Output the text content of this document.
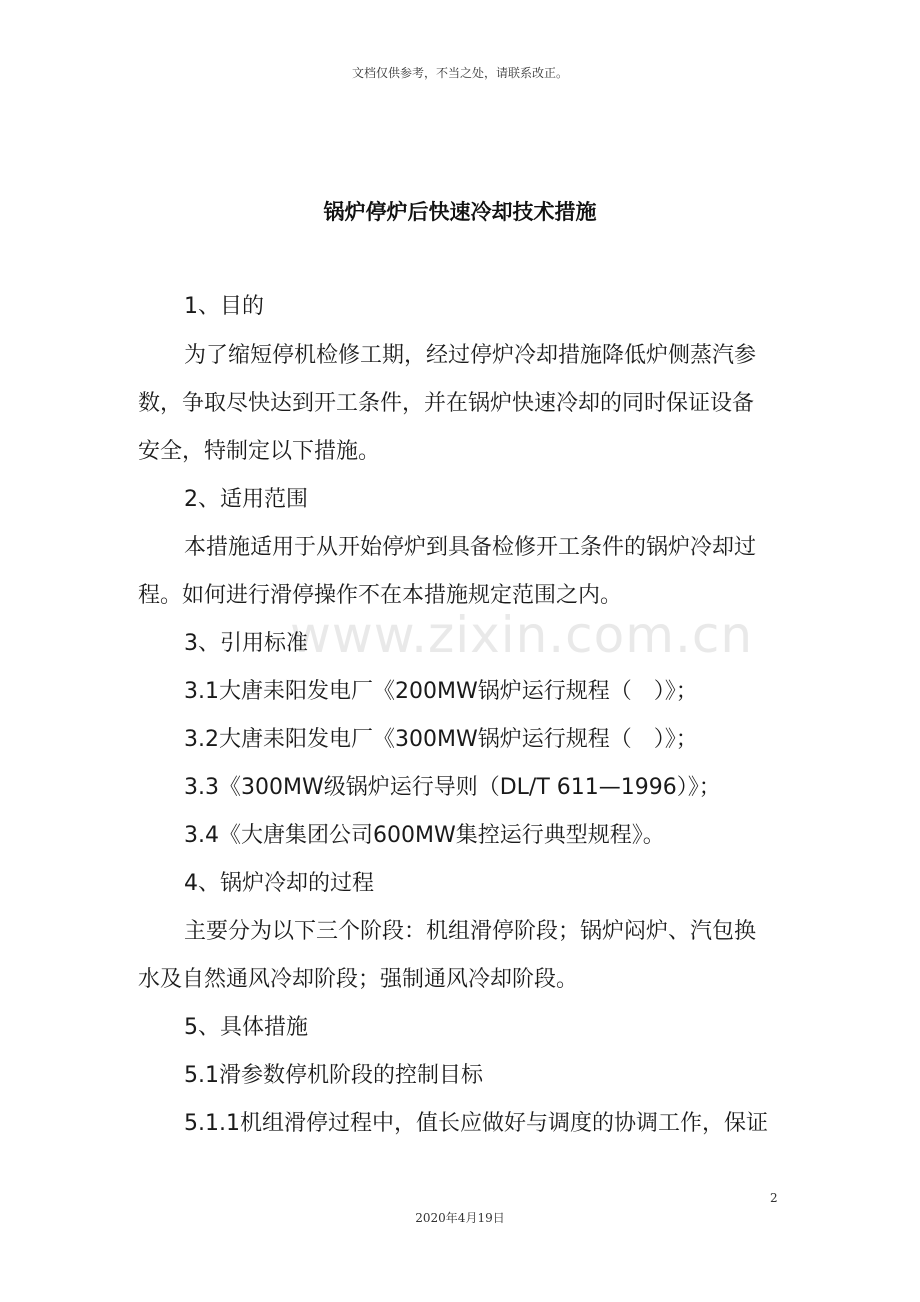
文档仅供参考，不当之处，请联系改正。
锅炉停炉后快速冷却技术措施
www.zixin.com.cn
1、目的
为了缩短停机检修工期，经过停炉冷却措施降低炉侧蒸汽参
数，争取尽快达到开工条件，并在锅炉快速冷却的同时保证设备
安全，特制定以下措施。
2、适用范围
本措施适用于从开始停炉到具备检修开工条件的锅炉冷却过
程。如何进行滑停操作不在本措施规定范围之内。
3、引用标准
3.1大唐耒阳发电厂《200MW锅炉运行规程（　）》；
3.2大唐耒阳发电厂《300MW锅炉运行规程（　）》；
3.3《300MW级锅炉运行导则（DL/T 611—1996）》；
3.4《大唐集团公司600MW集控运行典型规程》。
4、锅炉冷却的过程
主要分为以下三个阶段：机组滑停阶段；锅炉闷炉、汽包换
水及自然通风冷却阶段；强制通风冷却阶段。
5、具体措施
5.1滑参数停机阶段的控制目标
5.1.1机组滑停过程中，值长应做好与调度的协调工作，保证
2
2020年4月19日
